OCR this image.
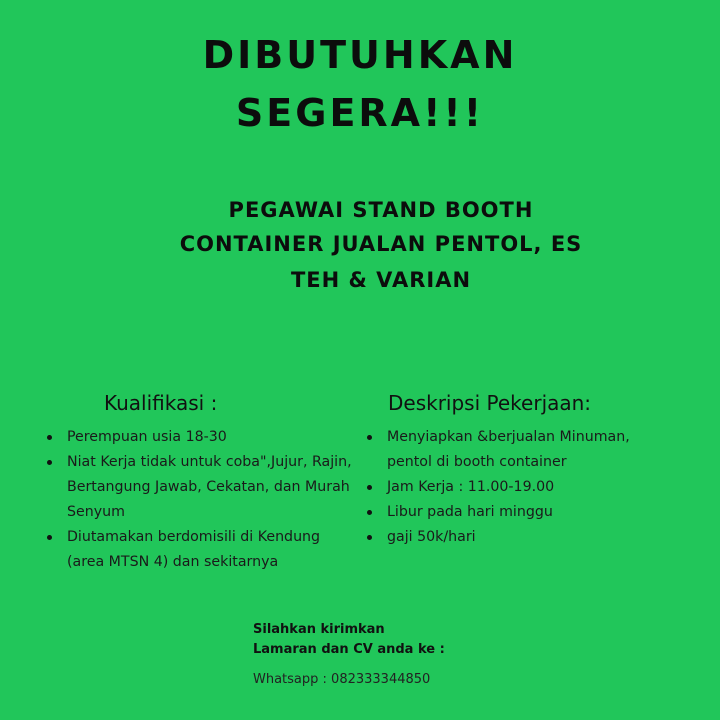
DIBUTUHKAN
SEGERA!!!
PEGAWAI STAND BOOTH
CONTAINER JUALAN PENTOL, ES
TEH & VARIAN
Kualifikasi :	Deskripsi Pekerjaan:
Perempuan usia 18-30
Niat Kerja tidak untuk coba",Jujur, Rajin, Bertangung Jawab, Cekatan, dan Murah Senyum
Diutamakan berdomisili di Kendung (area MTSN 4) dan sekitarnya
Menyiapkan &berjualan Minuman, pentol di booth container
Jam Kerja : 11.00-19.00
Libur pada hari minggu
gaji 50k/hari
Silahkan kirimkan
Lamaran dan CV anda ke :
Whatsapp : 082333344850
